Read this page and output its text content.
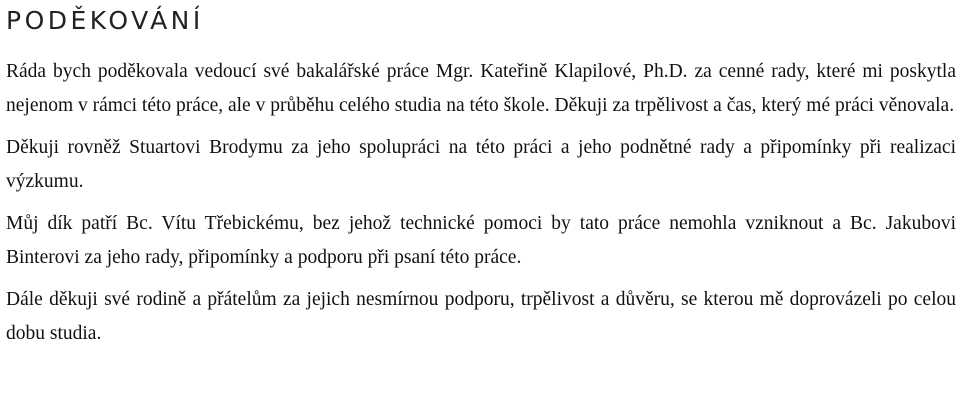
PODĚKOVÁNÍ

Ráda bych poděkovala vedoucí své bakalářské práce Mgr. Kateřině Klapilové, Ph.D. za cenné rady, které mi poskytla nejenom v rámci této práce, ale v průběhu celého studia na této škole. Děkuji za trpělivost a čas, který mé práci věnovala.

Děkuji rovněž Stuartovi Brodymu za jeho spolupráci na této práci a jeho podnětné rady a připomínky při realizaci výzkumu.

Můj dík patří Bc. Vítu Třebickému, bez jehož technické pomoci by tato práce nemohla vzniknout a Bc. Jakubovi Binterovi za jeho rady, připomínky a podporu při psaní této práce.

Dále děkuji své rodině a přátelům za jejich nesmírnou podporu, trpělivost a důvěru, se kterou mě doprovázeli po celou dobu studia.
